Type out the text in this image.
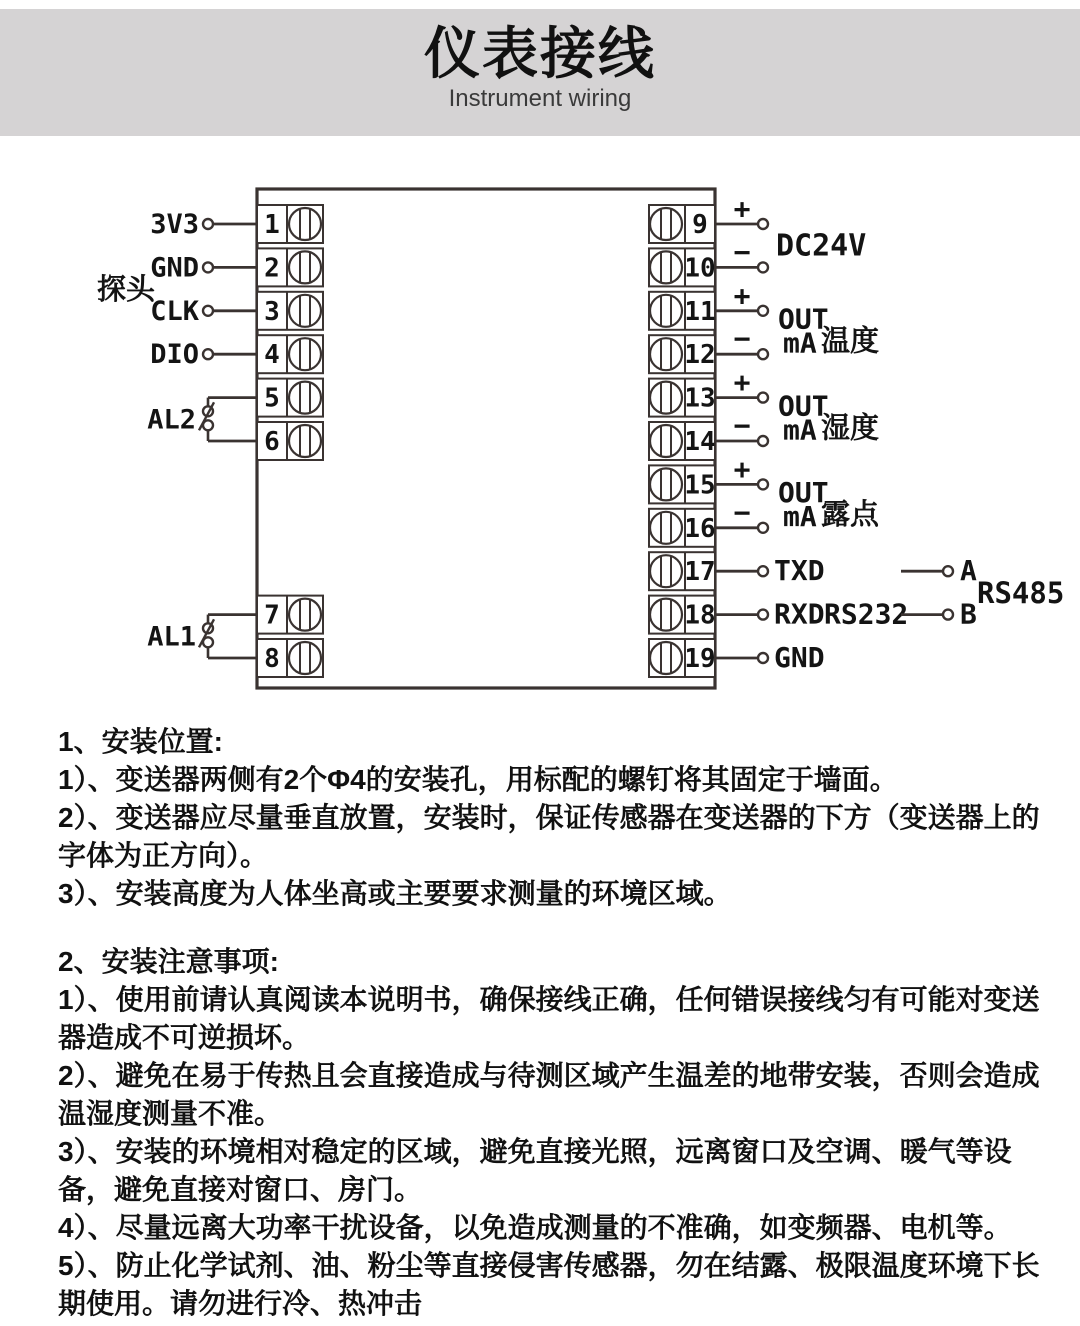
仪表接线
Instrument wiring
探头
1
3V3
2
GND
3
CLK
4
DIO
5
6
AL2
7
8
AL1
9
10
11
12
13
14
15
16
17
18
19
+
− DC24V
+
−
OUT
mA 温度
+
−
OUT
mA 湿度
+
−
OUT
mA 露点
TXD
RXD
GND
RS232
A
B
RS485
1、安装位置:
1）、变送器两侧有2个Φ4的安装孔，用标配的螺钉将其固定于墙面。
2）、变送器应尽量垂直放置，安装时，保证传感器在变送器的下方（变送器上的字体为正方向）。
3）、安装高度为人体坐高或主要要求测量的环境区域。
2、安装注意事项:
1）、使用前请认真阅读本说明书，确保接线正确，任何错误接线匀有可能对变送器造成不可逆损坏。
2）、避免在易于传热且会直接造成与待测区域产生温差的地带安装，否则会造成温湿度测量不准。
3）、安装的环境相对稳定的区域，避免直接光照，远离窗口及空调、暖气等设备，避免直接对窗口、房门。
4）、尽量远离大功率干扰设备，以免造成测量的不准确，如变频器、电机等。
5）、防止化学试剂、油、粉尘等直接侵害传感器，勿在结露、极限温度环境下长期使用。请勿进行冷、热冲击
